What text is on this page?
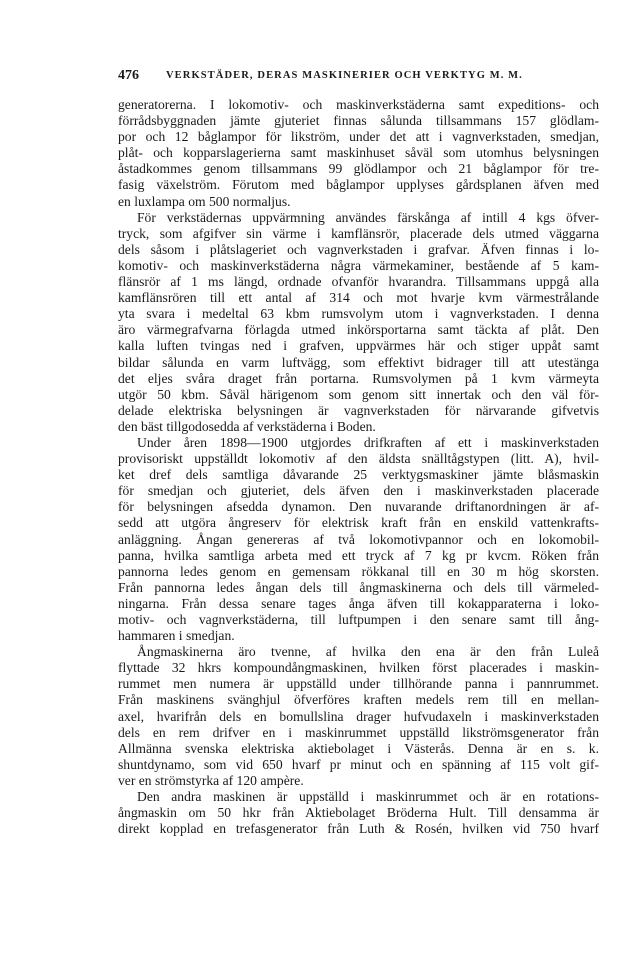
476	VERKSTÄDER, DERAS MASKINERIER OCH VERKTYG M. M.
generatorerna. I lokomotiv- och maskinverkstäderna samt expeditions- och
förrådsbyggnaden jämte gjuteriet finnas sålunda tillsammans 157 glödlam-
por och 12 båglampor för likström, under det att i vagnverkstaden, smedjan,
plåt- och kopparslagerierna samt maskinhuset såväl som utomhus belysningen
åstadkommes genom tillsammans 99 glödlampor och 21 båglampor för tre-
fasig växelström. Förutom med båglampor upplyses gårdsplanen äfven med
en luxlampa om 500 normaljus.
För verkstädernas uppvärmning användes färskånga af intill 4 kgs öfver-
tryck, som afgifver sin värme i kamflänsrör, placerade dels utmed väggarna
dels såsom i plåtslageriet och vagnverkstaden i grafvar. Äfven finnas i lo-
komotiv- och maskinverkstäderna några värmekaminer, bestående af 5 kam-
flänsrör af 1 ms längd, ordnade ofvanför hvarandra. Tillsammans uppgå alla
kamflänsrören till ett antal af 314 och mot hvarje kvm värmestrålande
yta svara i medeltal 63 kbm rumsvolym utom i vagnverkstaden. I denna
äro värmegrafvarna förlagda utmed inkörsportarna samt täckta af plåt. Den
kalla luften tvingas ned i grafven, uppvärmes här och stiger uppåt samt
bildar sålunda en varm luftvägg, som effektivt bidrager till att utestänga
det eljes svåra draget från portarna. Rumsvolymen på 1 kvm värmeyta
utgör 50 kbm. Såväl härigenom som genom sitt innertak och den väl för-
delade elektriska belysningen är vagnverkstaden för närvarande gifvetvis
den bäst tillgodosedda af verkstäderna i Boden.
Under åren 1898—1900 utgjordes drifkraften af ett i maskinverkstaden
provisoriskt uppställdt lokomotiv af den äldsta snälltågstypen (litt. A), hvil-
ket dref dels samtliga dåvarande 25 verktygsmaskiner jämte blåsmaskin
för smedjan och gjuteriet, dels äfven den i maskinverkstaden placerade
för belysningen afsedda dynamon. Den nuvarande driftanordningen är af-
sedd att utgöra ångreserv för elektrisk kraft från en enskild vattenkrafts-
anläggning. Ångan genereras af två lokomotivpannor och en lokomobil-
panna, hvilka samtliga arbeta med ett tryck af 7 kg pr kvcm. Röken från
pannorna ledes genom en gemensam rökkanal till en 30 m hög skorsten.
Från pannorna ledes ångan dels till ångmaskinerna och dels till värmeled-
ningarna. Från dessa senare tages ånga äfven till kokapparaterna i loko-
motiv- och vagnverkstäderna, till luftpumpen i den senare samt till ång-
hammaren i smedjan.
Ångmaskinerna äro tvenne, af hvilka den ena är den från Luleå
flyttade 32 hkrs kompoundångmaskinen, hvilken först placerades i maskin-
rummet men numera är uppställd under tillhörande panna i pannrummet.
Från maskinens svänghjul öfverföres kraften medels rem till en mellan-
axel, hvarifrån dels en bomullslina drager hufvudaxeln i maskinverkstaden
dels en rem drifver en i maskinrummet uppställd likströmsgenerator från
Allmänna svenska elektriska aktiebolaget i Västerås. Denna är en s. k.
shuntdynamo, som vid 650 hvarf pr minut och en spänning af 115 volt gif-
ver en strömstyrka af 120 ampère.
Den andra maskinen är uppställd i maskinrummet och är en rotations-
ångmaskin om 50 hkr från Aktiebolaget Bröderna Hult. Till densamma är
direkt kopplad en trefasgenerator från Luth & Rosén, hvilken vid 750 hvarf
